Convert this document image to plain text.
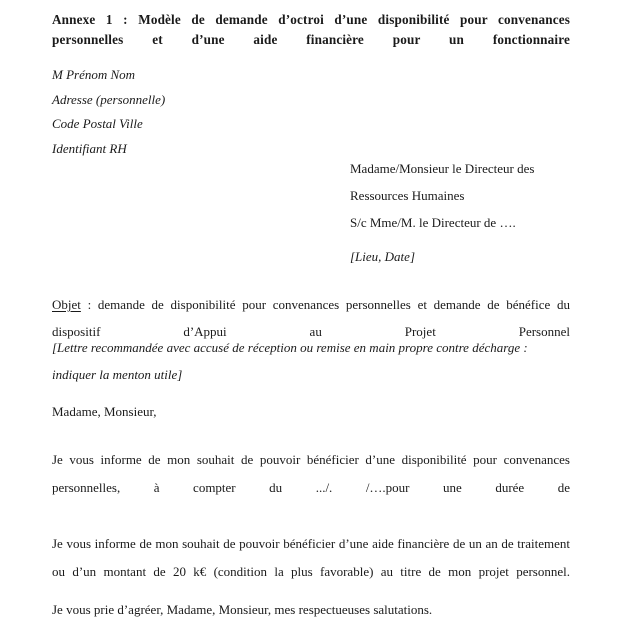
Annexe 1 : Modèle de demande d’octroi d’une disponibilité pour convenances personnelles et d’une aide financière pour un fonctionnaire
M Prénom Nom
Adresse (personnelle)
Code Postal Ville
Identifiant RH
Madame/Monsieur le Directeur des
Ressources Humaines
S/c Mme/M. le Directeur de ….
[Lieu, Date]
Objet : demande de disponibilité pour convenances personnelles et demande de bénéfice du dispositif d’Appui au Projet Personnel
[Lettre recommandée avec accusé de réception ou remise en main propre contre décharge : indiquer la menton utile]
Madame, Monsieur,
Je vous informe de mon souhait de pouvoir bénéficier d’une disponibilité pour convenances personnelles, à compter du .../. /….pour une durée de
Je vous informe de mon souhait de pouvoir bénéficier d’une aide financière de un an de traitement ou d’un montant de 20 k€ (condition la plus favorable) au titre de mon projet personnel.
Je vous prie d’agréer, Madame, Monsieur, mes respectueuses salutations.
